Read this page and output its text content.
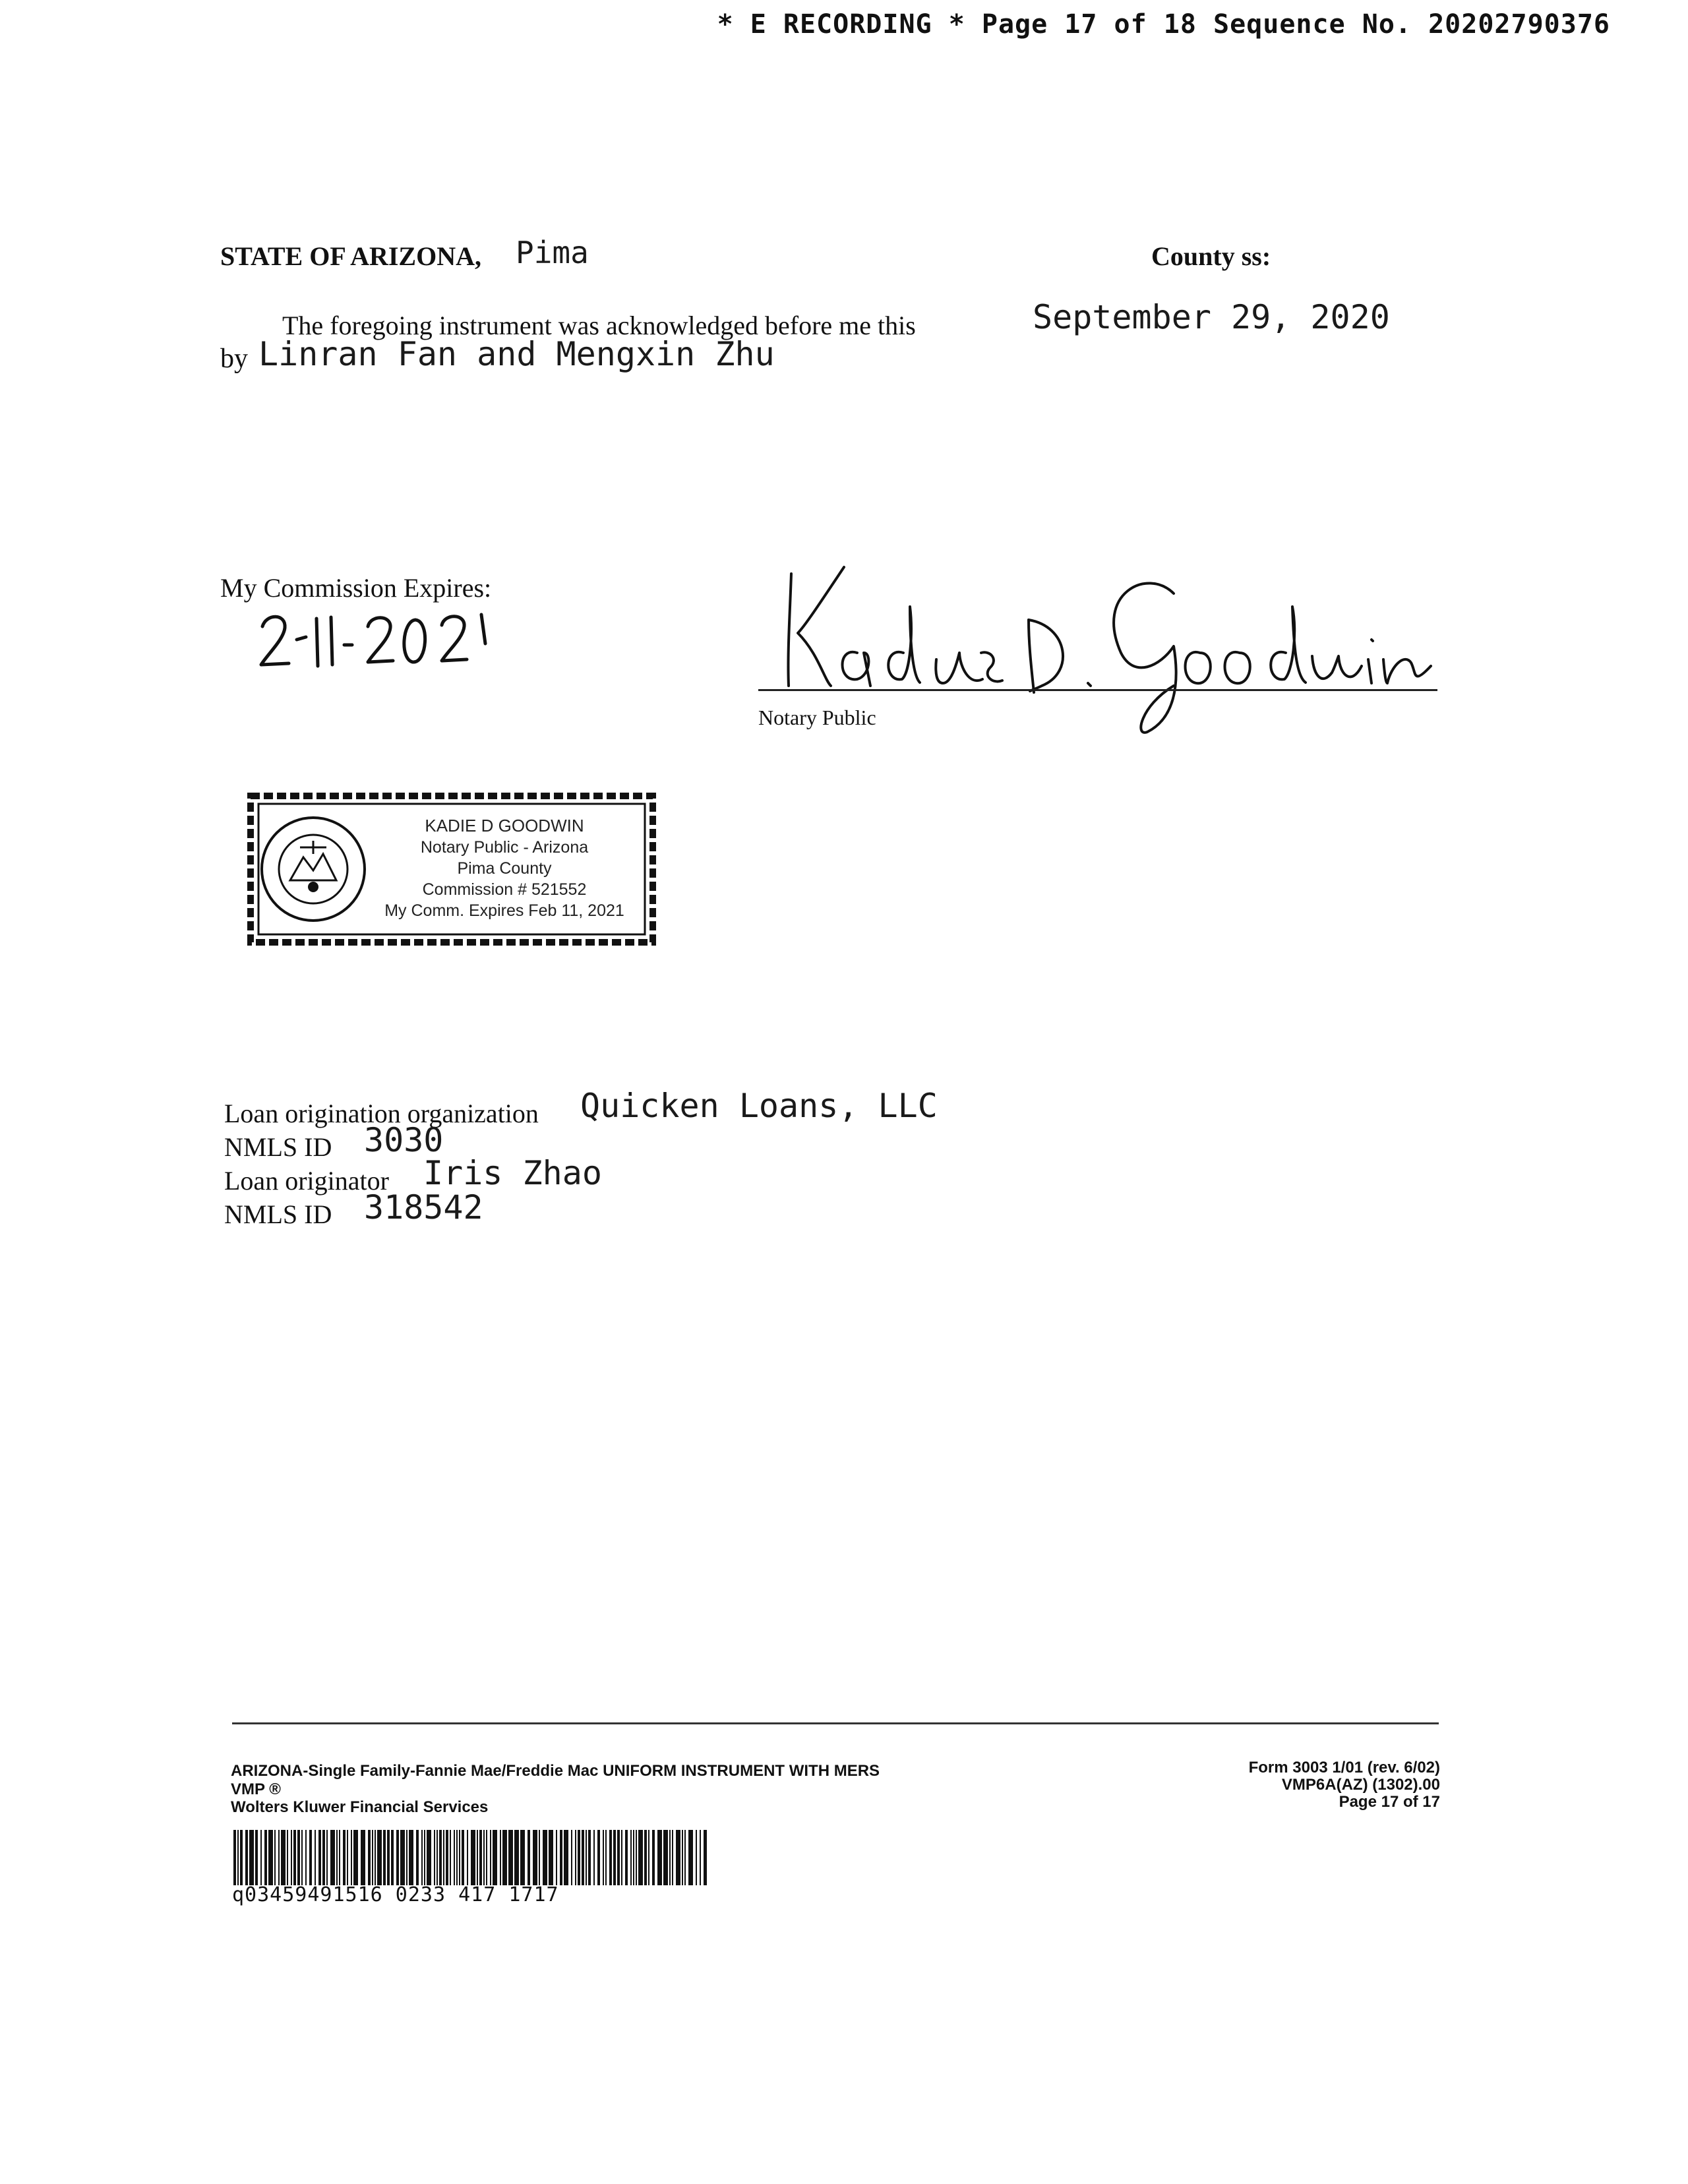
* E RECORDING * Page 17 of 18 Sequence No. 20202790376
STATE OF ARIZONA, Pima	County ss:
The foregoing instrument was acknowledged before me this	September 29, 2020
by Linran Fan and Mengxin Zhu
My Commission Expires:
Notary Public
KADIE D GOODWIN
Notary Public - Arizona
Pima County
Commission # 521552
My Comm. Expires Feb 11, 2021
Loan origination organization Quicken Loans, LLC
NMLS ID 3030
Loan originator Iris Zhao
NMLS ID 318542
ARIZONA-Single Family-Fannie Mae/Freddie Mac UNIFORM INSTRUMENT WITH MERS
VMP ®
Wolters Kluwer Financial Services
Form 3003 1/01 (rev. 6/02)
VMP6A(AZ) (1302).00
Page 17 of 17
q03459491516 0233 417 1717
